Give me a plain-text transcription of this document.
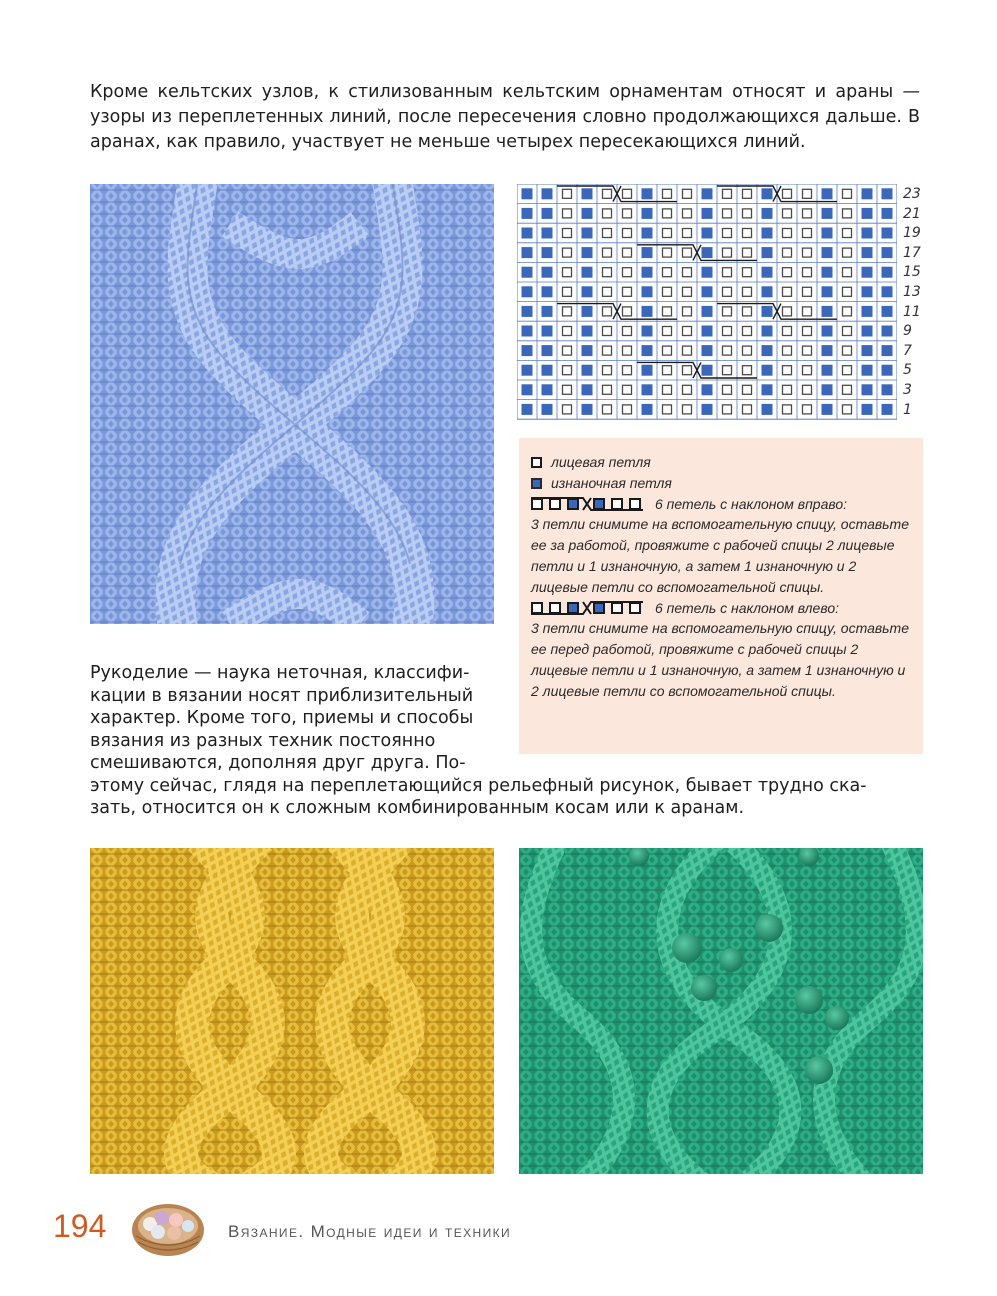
Кроме кельтских узлов, к стилизованным кельтским орнаментам относят и араны — узоры из переплетенных линий, после пересечения словно продолжающихся дальше. В аранах, как правило, участвует не меньше четырех пересекающихся линий.

23
21
19
17
15
13
11
9
7
5
3
1
лицевая петля
изнаночная петля
6 петель с наклоном вправо:

3 петли снимите на вспомогательную спицу, оставьте ее за работой, провяжите с рабочей спицы 2 лицевые петли и 1 изнаночную, а затем 1 изнаночную и 2 лицевые петли со вспомогательной спицы.

6 петель с наклоном влево:

3 петли снимите на вспомогательную спицу, оставьте ее перед работой, провяжите с рабочей спицы 2 лицевые петли и 1 изнаночную, а затем 1 изнаночную и 2 лицевые петли со вспомогательной спицы.

Рукоделие — наука неточная, классифи-
кации в вязании носят приблизительный
характер. Кроме того, приемы и способы
вязания из разных техник постоянно
смешиваются, дополняя друг друга. По-
этому сейчас, глядя на переплетающийся рельефный рисунок, бывает трудно ска-
зать, относится он к сложным комбинированным косам или к аранам.

194	Вязание. Модные идеи и техники
